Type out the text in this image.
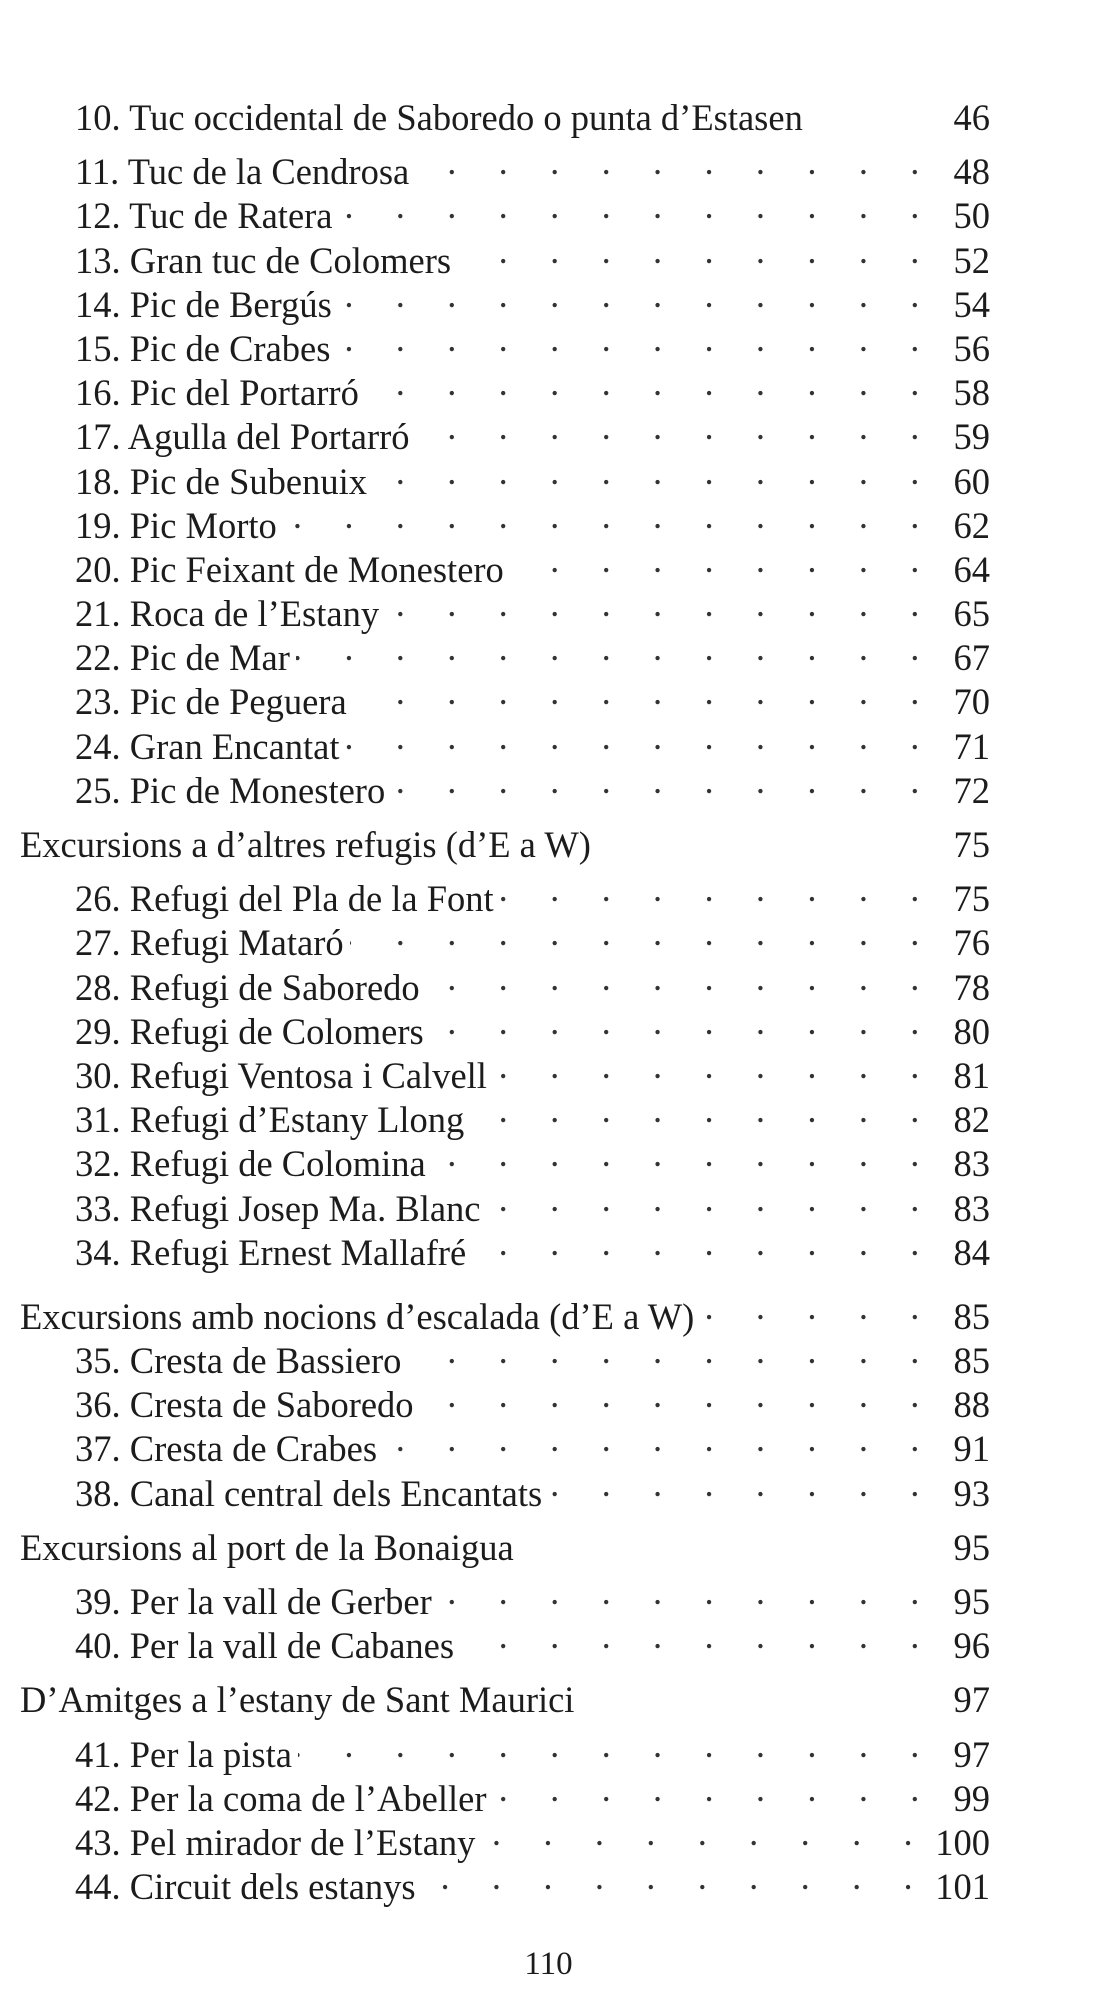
10. Tuc occidental de Saboredo o punta d’Estasen	46
11. Tuc de la Cendrosa . . .	48
12. Tuc de Ratera . . .	50
13. Gran tuc de Colomers . . .	52
14. Pic de Bergús . . .	54
15. Pic de Crabes . . .	56
16. Pic del Portarró . . .	58
17. Agulla del Portarró . . .	59
18. Pic de Subenuix . . .	60
19. Pic Morto . . .	62
20. Pic Feixant de Monestero . . .	64
21. Roca de l’Estany . . .	65
22. Pic de Mar . . .	67
23. Pic de Peguera . . .	70
24. Gran Encantat . . .	71
25. Pic de Monestero . . .	72
Excursions a d’altres refugis (d’E a W)	75
26. Refugi del Pla de la Font . . .	75
27. Refugi Mataró . . .	76
28. Refugi de Saboredo . . .	78
29. Refugi de Colomers . . .	80
30. Refugi Ventosa i Calvell . . .	81
31. Refugi d’Estany Llong . . .	82
32. Refugi de Colomina . . .	83
33. Refugi Josep Ma. Blanc . . .	83
34. Refugi Ernest Mallafré . . .	84
Excursions amb nocions d’escalada (d’E a W) . . .	85
35. Cresta de Bassiero . . .	85
36. Cresta de Saboredo . . .	88
37. Cresta de Crabes . . .	91
38. Canal central dels Encantats . . .	93
Excursions al port de la Bonaigua	95
39. Per la vall de Gerber . . .	95
40. Per la vall de Cabanes . . .	96
D’Amitges a l’estany de Sant Maurici	97
41. Per la pista . . .	97
42. Per la coma de l’Abeller . . .	99
43. Pel mirador de l’Estany . . .	100
44. Circuit dels estanys . . .	101
110
